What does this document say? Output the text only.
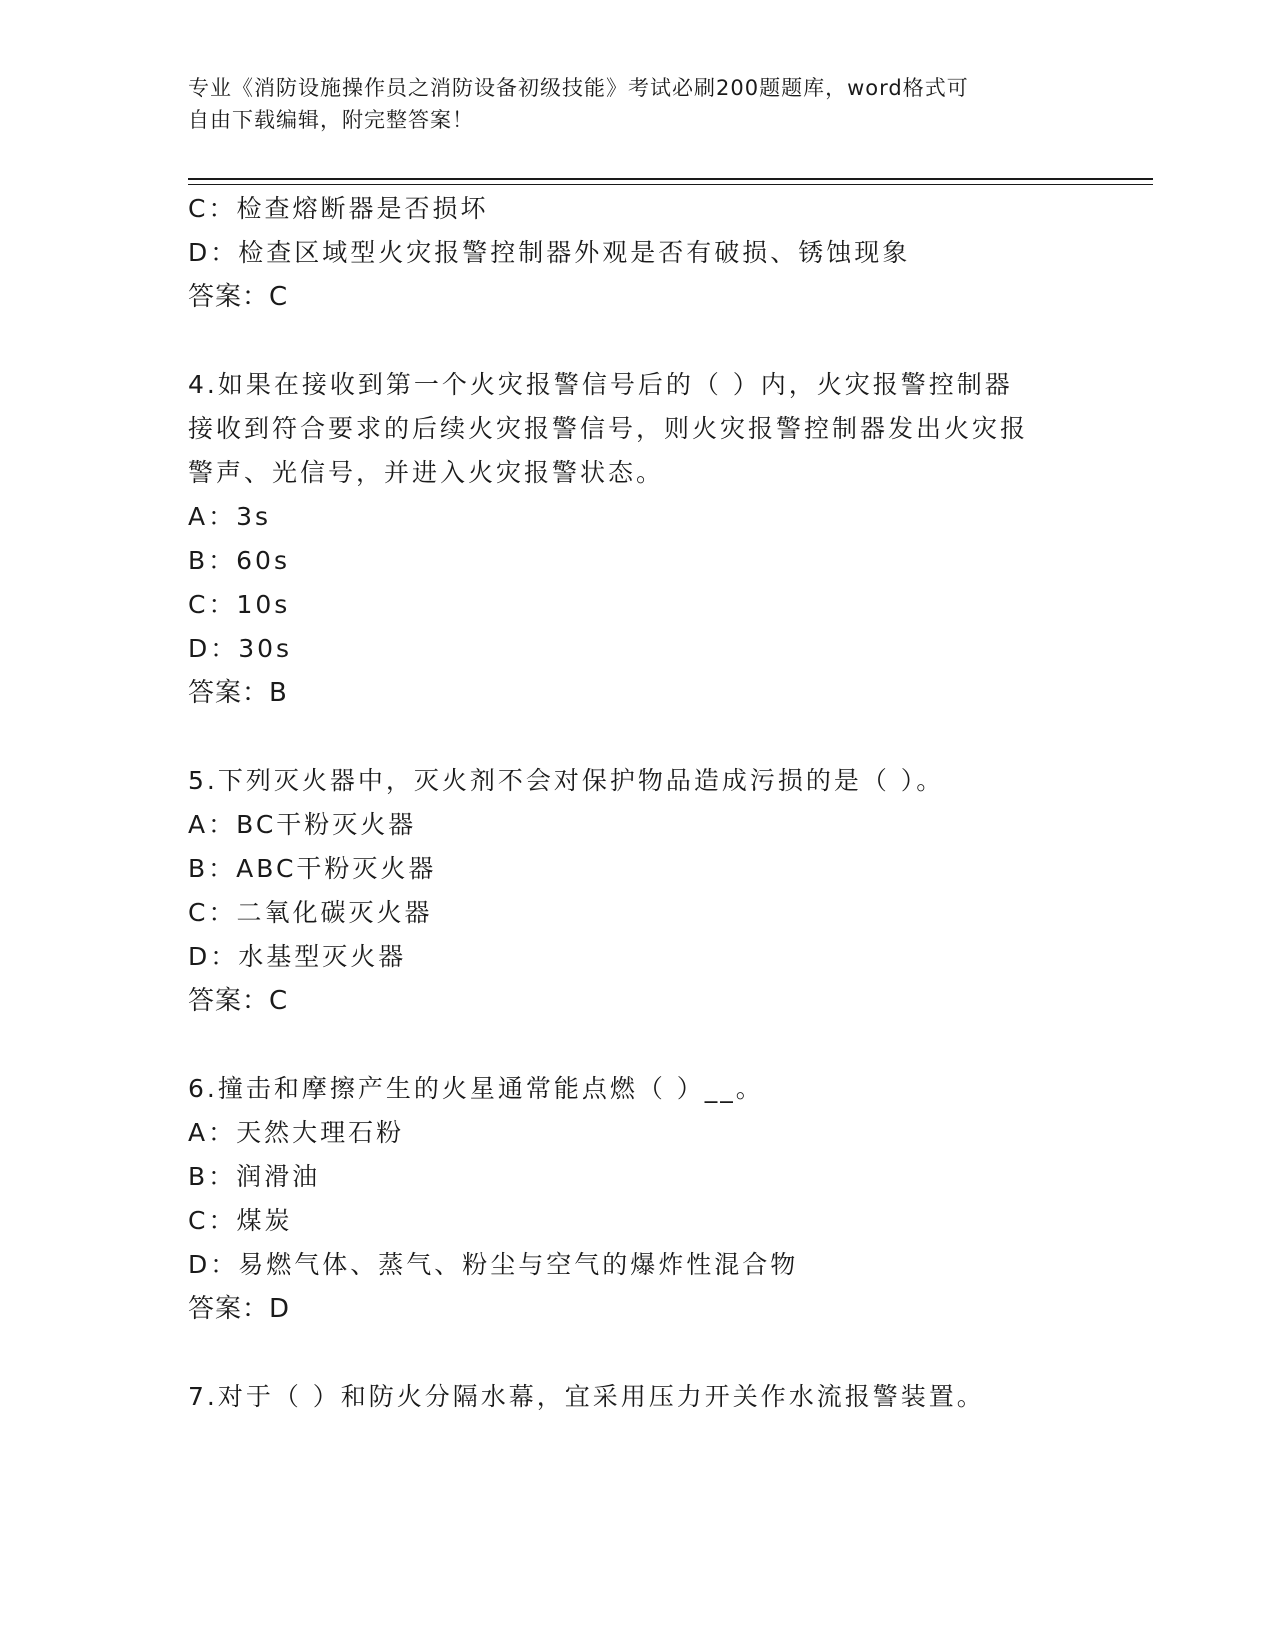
专业《消防设施操作员之消防设备初级技能》考试必刷200题题库，word格式可
自由下载编辑，附完整答案！
C：检查熔断器是否损坏
D：检查区域型火灾报警控制器外观是否有破损、锈蚀现象
答案：C
4.如果在接收到第一个火灾报警信号后的（ ）内，火灾报警控制器
接收到符合要求的后续火灾报警信号，则火灾报警控制器发出火灾报
警声、光信号，并进入火灾报警状态。
A：3s
B：60s
C：10s
D：30s
答案：B
5.下列灭火器中，灭火剂不会对保护物品造成污损的是（ ）。
A：BC干粉灭火器
B：ABC干粉灭火器
C：二氧化碳灭火器
D：水基型灭火器
答案：C
6.撞击和摩擦产生的火星通常能点燃（ ）__。
A：天然大理石粉
B：润滑油
C：煤炭
D：易燃气体、蒸气、粉尘与空气的爆炸性混合物
答案：D
7.对于（ ）和防火分隔水幕，宜采用压力开关作水流报警装置。
